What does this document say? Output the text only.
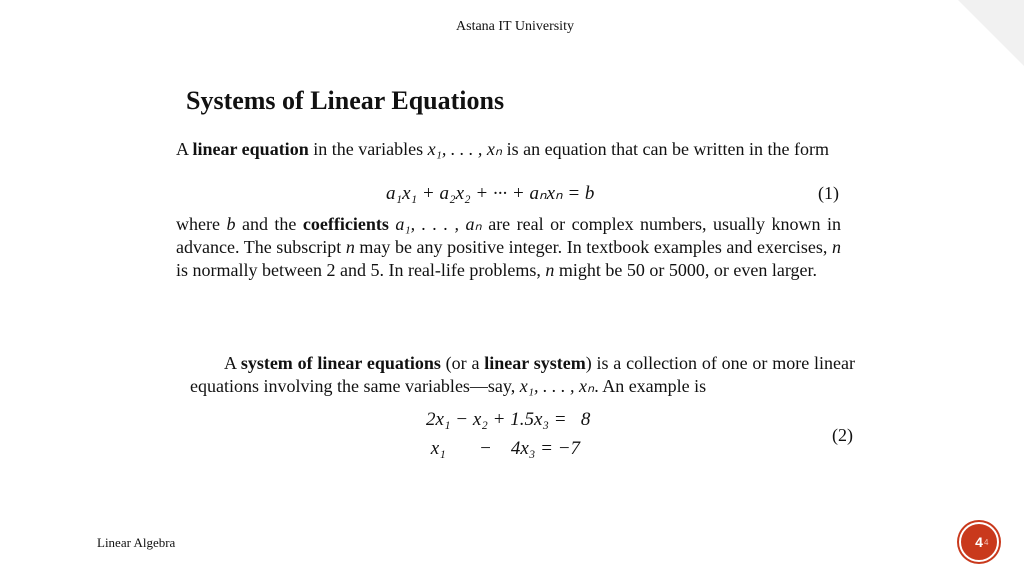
Astana IT University
Systems of Linear Equations
A linear equation in the variables x₁, . . . , xₙ is an equation that can be written in the form
a₁x₁ + a₂x₂ + ··· + aₙxₙ = b	(1)
where b and the coefficients a₁, . . . , aₙ are real or complex numbers, usually known in advance. The subscript n may be any positive integer. In textbook examples and exercises, n is normally between 2 and 5. In real-life problems, n might be 50 or 5000, or even larger.
A system of linear equations (or a linear system) is a collection of one or more linear equations involving the same variables—say, x₁, . . . , xₙ. An example is
2x₁ − x₂ + 1.5x₃ =   8
x₁       −    4x₃ = −7
(2)
Linear Algebra	4 4
